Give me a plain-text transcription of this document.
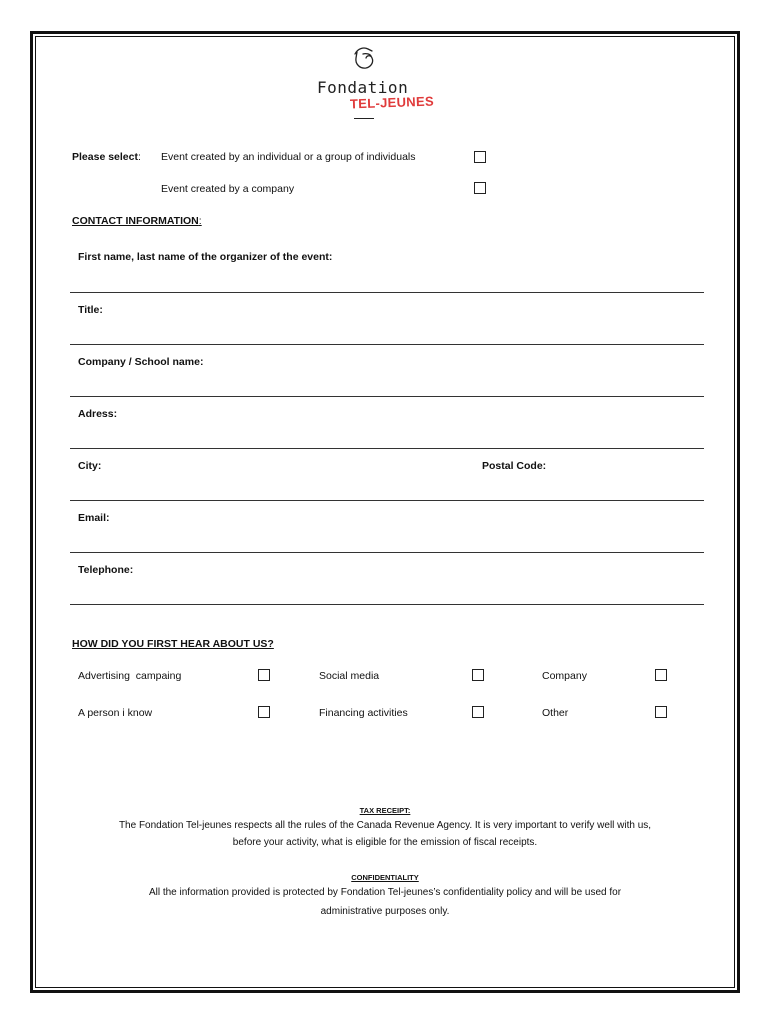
Fondation
TEL-JEUNES
Please select: Event created by an individual or a group of individuals
Event created by a company
CONTACT INFORMATION:
First name, last name of the organizer of the event:
Title:
Company / School name:
Adress:
City:	Postal Code:
Email:
Telephone:
HOW DID YOU FIRST HEAR ABOUT US?
Advertising  campaing	Social media	Company
A person i know	Financing activities	Other
TAX RECEIPT:
The Fondation Tel-jeunes respects all the rules of the Canada Revenue Agency. It is very important to verify well with us,
before your activity, what is eligible for the emission of fiscal receipts.
CONFIDENTIALITY
All the information provided is protected by Fondation Tel-jeunes’s confidentiality policy and will be used for
administrative purposes only.
